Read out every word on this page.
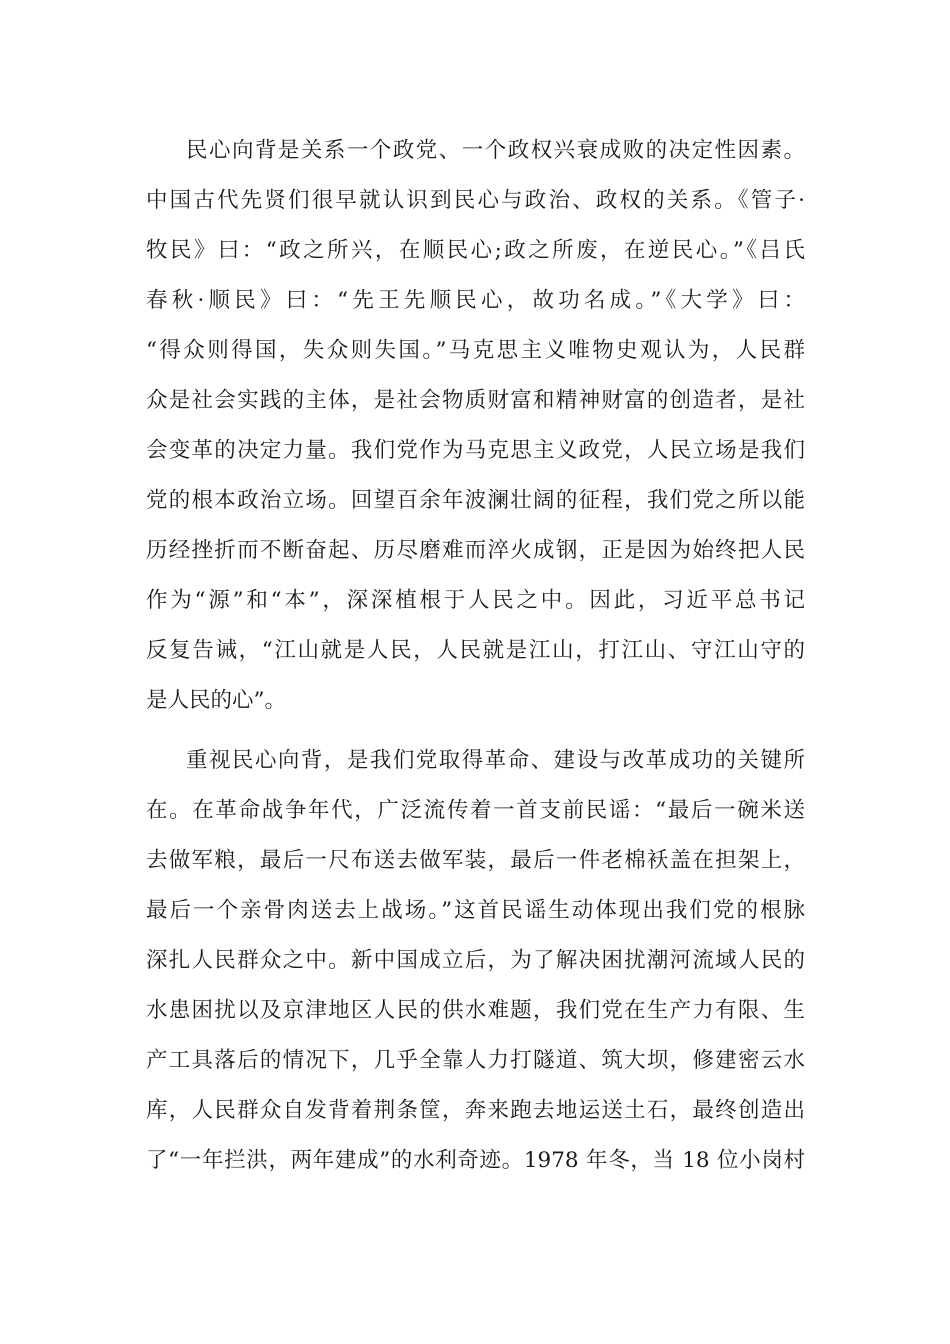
民心向背是关系一个政党、一个政权兴衰成败的决定性因素。
中国古代先贤们很早就认识到民心与政治、政权的关系。《管子·
牧民》曰：“政之所兴，在顺民心;政之所废，在逆民心。”《吕氏
春秋·顺民》曰：“先王先顺民心，故功名成。”《大学》曰：
“得众则得国，失众则失国。”马克思主义唯物史观认为，人民群
众是社会实践的主体，是社会物质财富和精神财富的创造者，是社
会变革的决定力量。我们党作为马克思主义政党，人民立场是我们
党的根本政治立场。回望百余年波澜壮阔的征程，我们党之所以能
历经挫折而不断奋起、历尽磨难而淬火成钢，正是因为始终把人民
作为“源”和“本”，深深植根于人民之中。因此，习近平总书记
反复告诫，“江山就是人民，人民就是江山，打江山、守江山守的
是人民的心”。
重视民心向背，是我们党取得革命、建设与改革成功的关键所
在。在革命战争年代，广泛流传着一首支前民谣：“最后一碗米送
去做军粮，最后一尺布送去做军装，最后一件老棉袄盖在担架上，
最后一个亲骨肉送去上战场。”这首民谣生动体现出我们党的根脉
深扎人民群众之中。新中国成立后，为了解决困扰潮河流域人民的
水患困扰以及京津地区人民的供水难题，我们党在生产力有限、生
产工具落后的情况下，几乎全靠人力打隧道、筑大坝，修建密云水
库，人民群众自发背着荆条筐，奔来跑去地运送土石，最终创造出
了“一年拦洪，两年建成”的水利奇迹。1978 年冬，当 18 位小岗村
